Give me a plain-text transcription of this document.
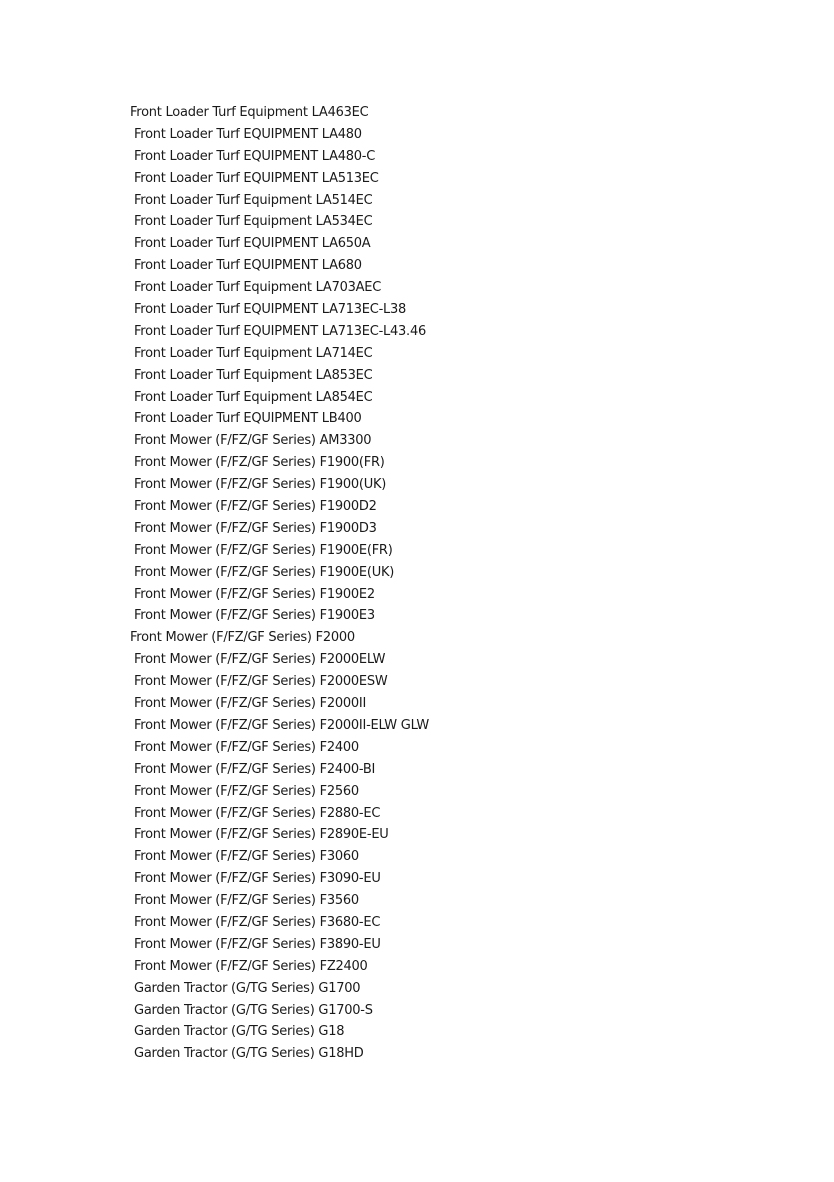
Front Loader Turf Equipment LA463EC
Front Loader Turf EQUIPMENT LA480
Front Loader Turf EQUIPMENT LA480-C
Front Loader Turf EQUIPMENT LA513EC
Front Loader Turf Equipment LA514EC
Front Loader Turf Equipment LA534EC
Front Loader Turf EQUIPMENT LA650A
Front Loader Turf EQUIPMENT LA680
Front Loader Turf Equipment LA703AEC
Front Loader Turf EQUIPMENT LA713EC-L38
Front Loader Turf EQUIPMENT LA713EC-L43.46
Front Loader Turf Equipment LA714EC
Front Loader Turf Equipment LA853EC
Front Loader Turf Equipment LA854EC
Front Loader Turf EQUIPMENT LB400
Front Mower (F/FZ/GF Series) AM3300
Front Mower (F/FZ/GF Series) F1900(FR)
Front Mower (F/FZ/GF Series) F1900(UK)
Front Mower (F/FZ/GF Series) F1900D2
Front Mower (F/FZ/GF Series) F1900D3
Front Mower (F/FZ/GF Series) F1900E(FR)
Front Mower (F/FZ/GF Series) F1900E(UK)
Front Mower (F/FZ/GF Series) F1900E2
Front Mower (F/FZ/GF Series) F1900E3
Front Mower (F/FZ/GF Series) F2000
Front Mower (F/FZ/GF Series) F2000ELW
Front Mower (F/FZ/GF Series) F2000ESW
Front Mower (F/FZ/GF Series) F2000II
Front Mower (F/FZ/GF Series) F2000II-ELW GLW
Front Mower (F/FZ/GF Series) F2400
Front Mower (F/FZ/GF Series) F2400-BI
Front Mower (F/FZ/GF Series) F2560
Front Mower (F/FZ/GF Series) F2880-EC
Front Mower (F/FZ/GF Series) F2890E-EU
Front Mower (F/FZ/GF Series) F3060
Front Mower (F/FZ/GF Series) F3090-EU
Front Mower (F/FZ/GF Series) F3560
Front Mower (F/FZ/GF Series) F3680-EC
Front Mower (F/FZ/GF Series) F3890-EU
Front Mower (F/FZ/GF Series) FZ2400
Garden Tractor (G/TG Series) G1700
Garden Tractor (G/TG Series) G1700-S
Garden Tractor (G/TG Series) G18
Garden Tractor (G/TG Series) G18HD
